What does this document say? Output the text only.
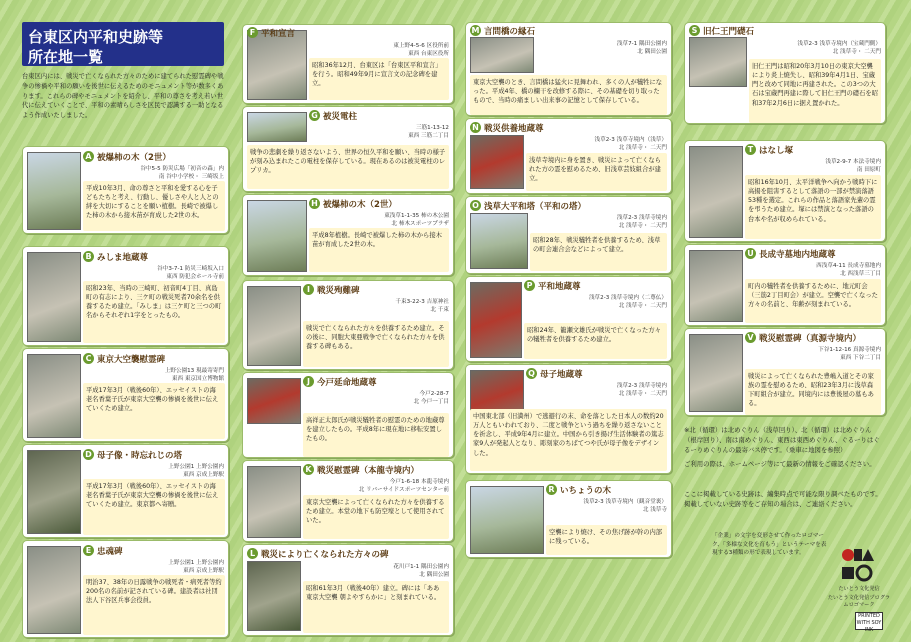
台東区内平和史跡等
所在地一覧
台東区内には、戦災で亡くなられた方々のために建てられた慰霊碑や戦争の惨禍や平和の願いを後世に伝えるためのモニュメント等が数多くあります。これらの碑やモニュメントを紹介し、平和の尊さを考え若い世代に伝えていくことで、平和の素晴らしさを区民で認識する一助となるよう作成いたしました。
A 被爆柿の木（2世）
谷中5-5 防災広場「初音の森」内
南 谷中小学校・ 三崎坂上
平成10年3月、命の尊さと平和を愛する心を子どもたちと考え、行動し、優しさや人と人との絆を大切にすることを願い植樹。長崎で被爆した柿の木から接木苗が育成した2世の木。
B みしま地蔵尊
谷中3-7-1 防災三崎坂入口
東西 防犯会ホール寺前
昭和23年、当時の三崎町、初音町4丁目、真島町の有志により、三ケ町の戦災死者70余名を供養するため建立。「みしま」は三ケ町と三つの町名からそれぞれ1字をとったもの。
C 東京大空襲慰霊碑
上野公園13 現最寄寄門
東西 東京国立博物館
平成17年3月（戦後60年）、エッセイストの海老名香葉子氏が東京大空襲の惨禍を後世に伝えていくため建立。
D 母子像・時忘れじの塔
上野公園1 上野公園内
東西 京成上野駅
平成17年3月（戦後60年）、エッセイストの海老名香葉子氏が東京大空襲の惨禍を後世に伝えていくため建立。東京都へ寄贈。
E 忠魂碑
上野公園1 上野公園内
東西 京成上野駅
明治37、38年の日露戦争の戦死者・病死者等約200名の名前が記されている碑。建設者は社団法人下谷区兵事会役員。
F 平和宣言
東上野4-5-6 区役所前
東西 台東区役所
昭和36年12月、台東区は「台東区平和宣言」を行う。昭和49年9月に宣言文の記念碑を建立。
G 被災電柱
三筋1-13-12
東西 三筋二丁目
戦争の悲劇を繰り返さないよう、世界の恒久平和を願い、当時の様子が刻み込まれたこの電柱を保存している。現在あるのは被災電柱のレプリカ。
H 被爆柿の木（2世）
東浅草1-1-35 柿の木公園
北 柿木スポーツプラザ
平成8年植樹。長崎で被爆した柿の木から接木苗が育成した2世の木。
I 戦災殉難碑
千束3-22-3 吉原神社
北 千束
戦災で亡くなられた方々を供養するため建立。その後に、同胞大東亜戦争で亡くなられた方々を供養する碑もある。
J 今戸延命地蔵尊
今戸2-28-7
北 今戸一丁目
高祥正太郎氏が戦災犠牲者の慰霊のための地蔵尊を建立したもの。平成8年に現在地に移転安置したもの。
K 戦災慰霊碑（本龍寺境内）
今戸1-6-18 本龍寺境内
北 リバーサイドスポーツセンター前
東京大空襲によって亡くなられた方々を供養するため建立。本堂の地下も防空壕として使用されていた。
L 戦災により亡くなられた方々の碑
花川戸1-1 隅田公園内
北 隅田公園
昭和61年3月（戦後40年）建立。碑には「ああ 東京大空襲 朝よやすらかに」と刻まれている。
M 言問橋の縁石
浅草7-1 隅田公園内
北 隅田公園
東京大空襲のとき、言問橋は猛火に見舞われ、多くの人が犠牲になった。平成4年、橋の欄干を改修する際に、その基礎を切り取ったもので、当時の痛ましい出来事の記憶として保存している。
N 戦災供養地蔵尊
浅草2-3 浅草寺境内（浅草）
北 浅草寺・ 二天門
浅草寺境内に身を置き、戦災によって亡くなられた方の霊を慰めるため、旧浅草芸妓組合が建立。
O 浅草大平和塔（平和の塔）
浅草2-3 浅草寺境内
北 浅草寺・ 二天門
昭和28年、戦災犠牲者を供養するため、浅草の町会連合会などによって建立。
P 平和地蔵尊
浅草2-3 浅草寺境内（二尊仏）
北 浅草寺・ 二天門
昭和24年、籠瀬文雄氏が戦災で亡くなった方々の犠牲者を供養するため建立。
Q 母子地蔵尊
浅草2-3 浅草寺境内
北 浅草寺・ 二天門
中国東北部（旧満州）で逃避行の末、命を落とした日本人の数約20万人ともいわれており、二度と戦争という過ちを繰り返さないことを祈念し、平成9年4月に建立。中国から引き揚げ生活体験者の篤志家9人が発起人となり、彫刻家のちばてつや氏が母子像をデザインした。
R いちょうの木
浅草2-3 浅草寺境内（観音堂裏）
北 浅草寺
空襲により焼け、その焦げ跡が幹の内部に残っている。
S 旧仁王門礎石
浅草2-3 浅草寺境内（宝蔵門側）
北 浅草寺・ 二天門
旧仁王門は昭和20年3月10日の東京大空襲により炎上焼失し、昭和39年4月1日、宝蔵門と改めて同地に再建された。この3つの大石は宝蔵門再建に際して旧仁王門の礎石を昭和37年2月6日に据え置かれた。
T はなし塚
浅草2-9-7 本法寺境内
南 田原町
昭和16年10月、太平洋戦争へ向かう戦時下に高揚を阻害するとして落語の一部が禁演落語53種を選定。これらの作品と落語家先輩の霊を弔うため建立。塚には禁演となった落語の台本や名が収められている。
U 長成寺墓地内地蔵尊
西浅草4-11 長成寺墓地内
北 西浅草三丁目
町内の犠牲者を供養するために、地元町会（三筋2丁目町会）が建立。空襲で亡くなった方々の名前と、年齢が刻まれている。
V 戦災慰霊碑（真源寺境内）
下谷1-12-16 真源寺境内
東西 下谷二丁目
戦災によって亡くなられた豊嶋入道とその家族の霊を慰めるため、昭和23年3月に浅草森下町組合が建立。同境内には豊後屋の墓もある。
※北（循環）は北めぐりん（浅草回り）、北（循環）は北めぐりん（根岸回り）、南は南めぐりん、東西は東西めぐりん、ぐるーりはぐるーりめぐりんの最寄バス停です。（乗車に地図を参照）
ご利用の際は、ホームページ等にて最新の情報をご確認ください。
ここに掲載している史跡は、編集時点で可能な限り調べたものです。掲載していない史跡等をご存知の場合は、ご連絡ください。
「企業」の文字を変形させて作ったロゴマーク、「多様な文化を育もう」というテーマを表現する3種類の形で表現しています。
たいとう文化発信
たいとう文化発信プログラムロゴマーク
PRINTED WITH SOY INK
